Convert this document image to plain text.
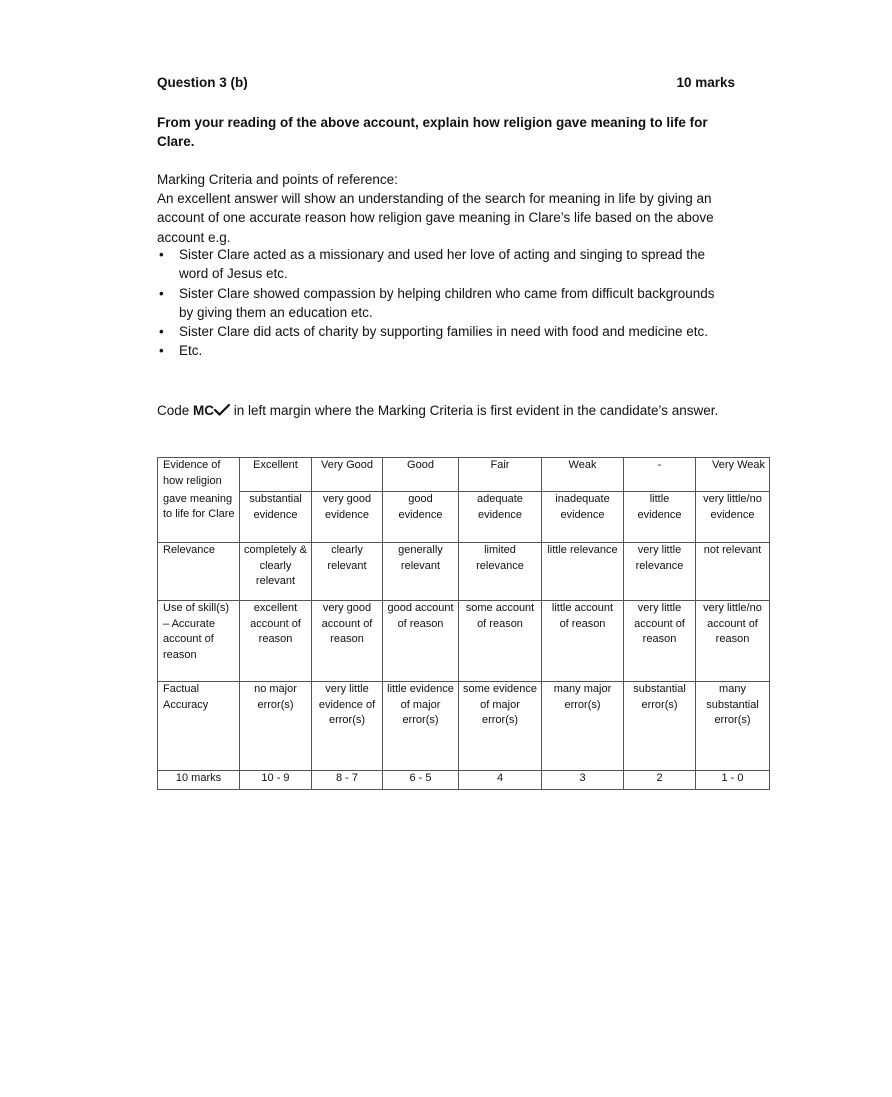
Question 3 (b)	10 marks

From your reading of the above account, explain how religion gave meaning to life for Clare.

Marking Criteria and points of reference:

An excellent answer will show an understanding of the search for meaning in life by giving an account of one accurate reason how religion gave meaning in Clare’s life based on the above account e.g.

• Sister Clare acted as a missionary and used her love of acting and singing to spread the word of Jesus etc.
• Sister Clare showed compassion by helping children who came from difficult backgrounds by giving them an education etc.
• Sister Clare did acts of charity by supporting families in need with food and medicine etc.
• Etc.

Code MC in left margin where the Marking Criteria is first evident in the candidate’s answer.

Evidence of how religion	Excellent	Very Good	Good	Fair	Weak	-	Very Weak
gave meaning to life for Clare	substantial evidence	very good evidence	good evidence	adequate evidence	inadequate evidence	little evidence	very little/no evidence
Relevance	completely & clearly relevant	clearly relevant	generally relevant	limited relevance	little relevance	very little relevance	not relevant
Use of skill(s) – Accurate account of reason	excellent account of reason	very good account of reason	good account of reason	some account of reason	little account of reason	very little account of reason	very little/no account of reason
Factual Accuracy	no major error(s)	very little evidence of error(s)	little evidence of major error(s)	some evidence of major error(s)	many major error(s)	substantial error(s)	many substantial error(s)
10 marks	10 - 9	8 - 7	6 - 5	4	3	2	1 - 0
